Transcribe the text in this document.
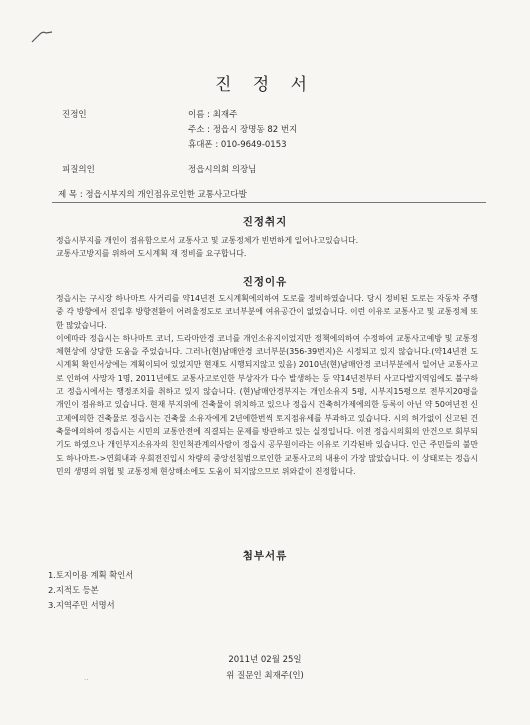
진 정 서
진정인	이름 : 최재주
주소 : 정읍시 장명동 82 번지
휴대폰 : 010-9649-0153
피질의인	정읍시의회 의장님
제 목 : 정읍시부지의 개인점유로인한 교통사고다발
진정취지

정읍시부지를 개인이 점유함으로서 교통사고 및 교통정체가 빈번하게 일어나고있습니다.

교통사고방지를 위하여 도시계획 재 정비를 요구합니다.

진정이유

정읍시는 구시장 하나마트 사거리를 약14년전 도시계획에의하여 도로를 정비하였습니다. 당시 정비된 도로는 자동차 주행중 각 방향에서 진입후 방향전환이 어려울정도로 코너부분에 여유공간이 없었습니다. 이런 이유로 교통사고 및 교통정체 또한 많았습니다.

이에따라 정읍시는 하나마트 코너, 드라마안경 코너를 개인소유지이었지만 정책에의하여 수정하여 교통사고예방 및 교통정체현상에 상당한 도움을 주었습니다. 그러나(현)남매안경 코너부분(356-39번지)은 시정되고 있지 않습니다.(약14년전 도시계획 확인서상에는 계획이되어 있었지만 현재도 시행되지않고 있음) 2010년(현)남매안경 코너부분에서 일어난 교통사고로 인하여 사망자 1명, 2011년에도 교통사고로인한 부상자가 다수 발생하는 등 약14년전부터 사고다발지역임에도 불구하고 정읍시에서는 행정조치를 취하고 있지 않습니다. (현)남매안경부지는 개인소유지 5평, 시부지15평으로 전부지20평을 개인이 점유하고 있습니다. 현재 부지위에 건축물이 위치하고 있으나 정읍시 건축허가제에의한 등록이 아닌 약 50여년전 신고제에의한 건축물로 정읍시는 건축물 소유자에게 2년에한번씩 토지점유세를 부과하고 있습니다. 시의 허가없이 신고된 건축물에의하여 정읍시는 시민의 교통안전에 직결되는 문제를 방관하고 있는 실정입니다. 이전 정읍시의회의 안건으로 회부되기도 하였으나 개인부지소유자의 친인척관계의사람이 정읍시 공무원이라는 이유로 기각된바 있습니다. 인근 주민들의 불만도 하나마트->연회내과 우회전진입시 차량의 중앙선침범으로인한 교통사고의 내용이 가장 많았습니다. 이 상태로는 정읍시민의 생명의 위협 및 교통정체 현상해소에도 도움이 되지않으므로 위와같이 진정합니다.

첨부서류
1.토지이용 계획 확인서
2.지적도 등본
3.지역주민 서명서
2011년 02월 25일
위 질문인 최재주(인)
··
